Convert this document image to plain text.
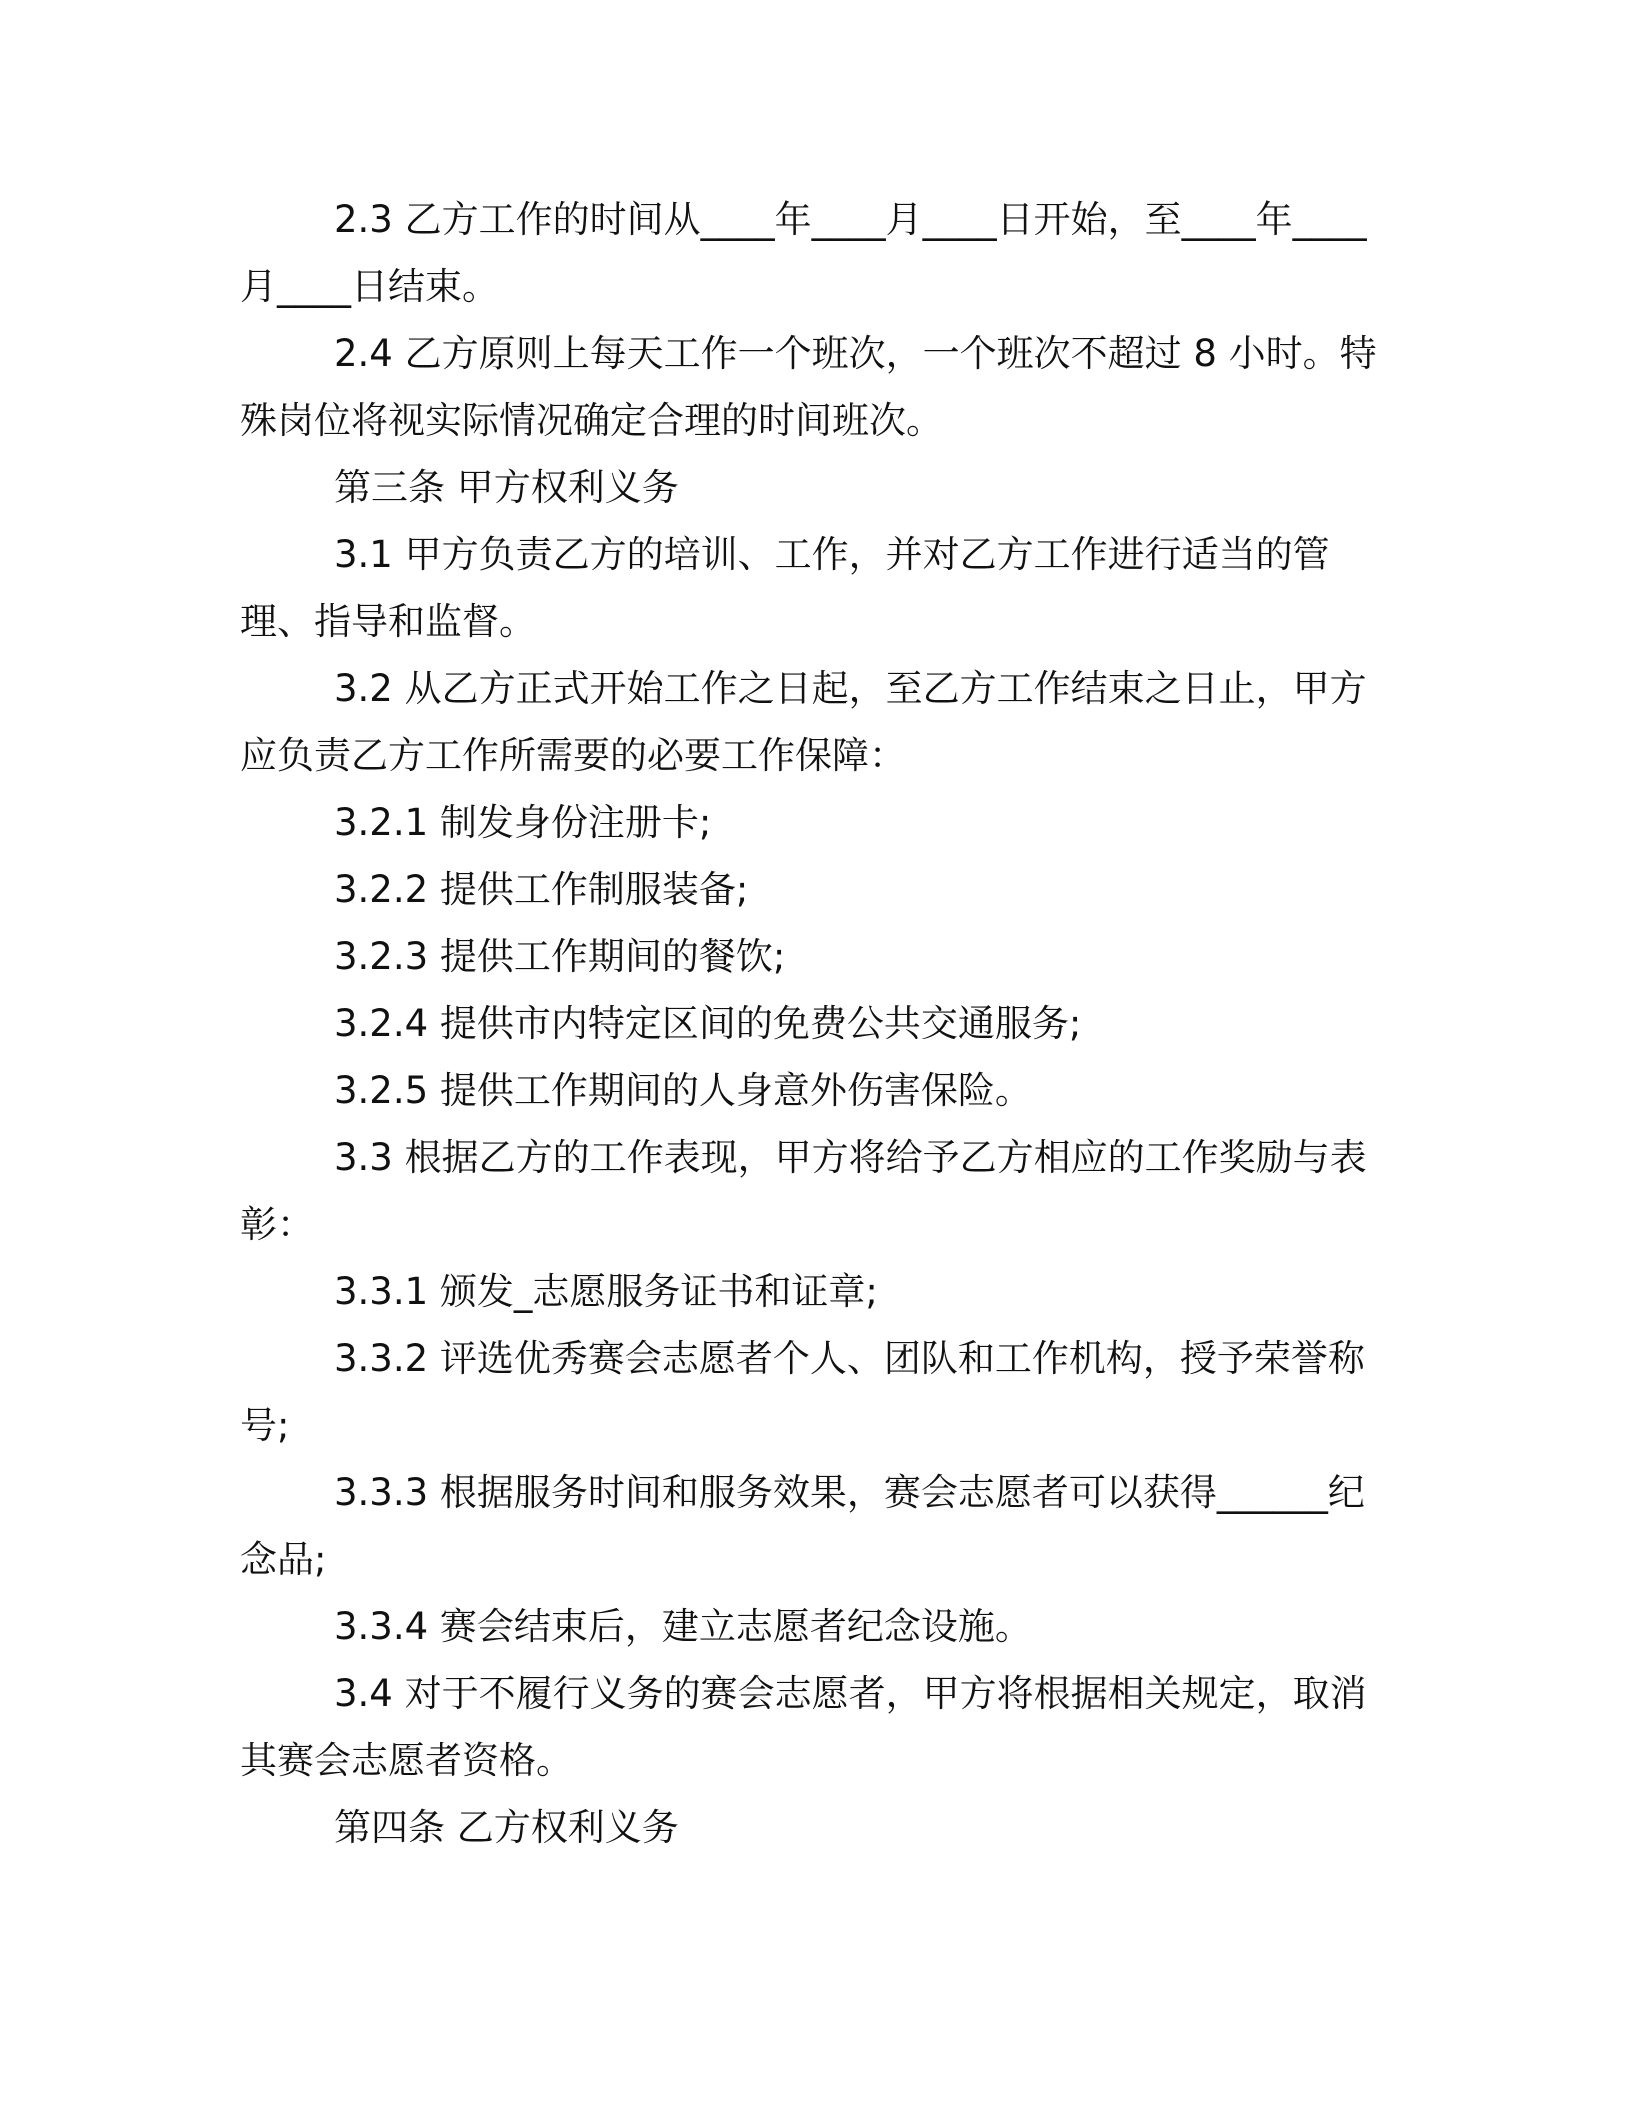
2.3 乙方工作的时间从____年____月____日开始，至____年____月____日结束。

2.4 乙方原则上每天工作一个班次，一个班次不超过 8 小时。特殊岗位将视实际情况确定合理的时间班次。

第三条 甲方权利义务

3.1 甲方负责乙方的培训、工作，并对乙方工作进行适当的管理、指导和监督。

3.2 从乙方正式开始工作之日起，至乙方工作结束之日止，甲方应负责乙方工作所需要的必要工作保障：

3.2.1 制发身份注册卡;

3.2.2 提供工作制服装备;

3.2.3 提供工作期间的餐饮;

3.2.4 提供市内特定区间的免费公共交通服务;

3.2.5 提供工作期间的人身意外伤害保险。

3.3 根据乙方的工作表现，甲方将给予乙方相应的工作奖励与表彰：

3.3.1 颁发_志愿服务证书和证章;

3.3.2 评选优秀赛会志愿者个人、团队和工作机构，授予荣誉称号;

3.3.3 根据服务时间和服务效果，赛会志愿者可以获得______纪念品;

3.3.4 赛会结束后，建立志愿者纪念设施。

3.4 对于不履行义务的赛会志愿者，甲方将根据相关规定，取消其赛会志愿者资格。

第四条 乙方权利义务
